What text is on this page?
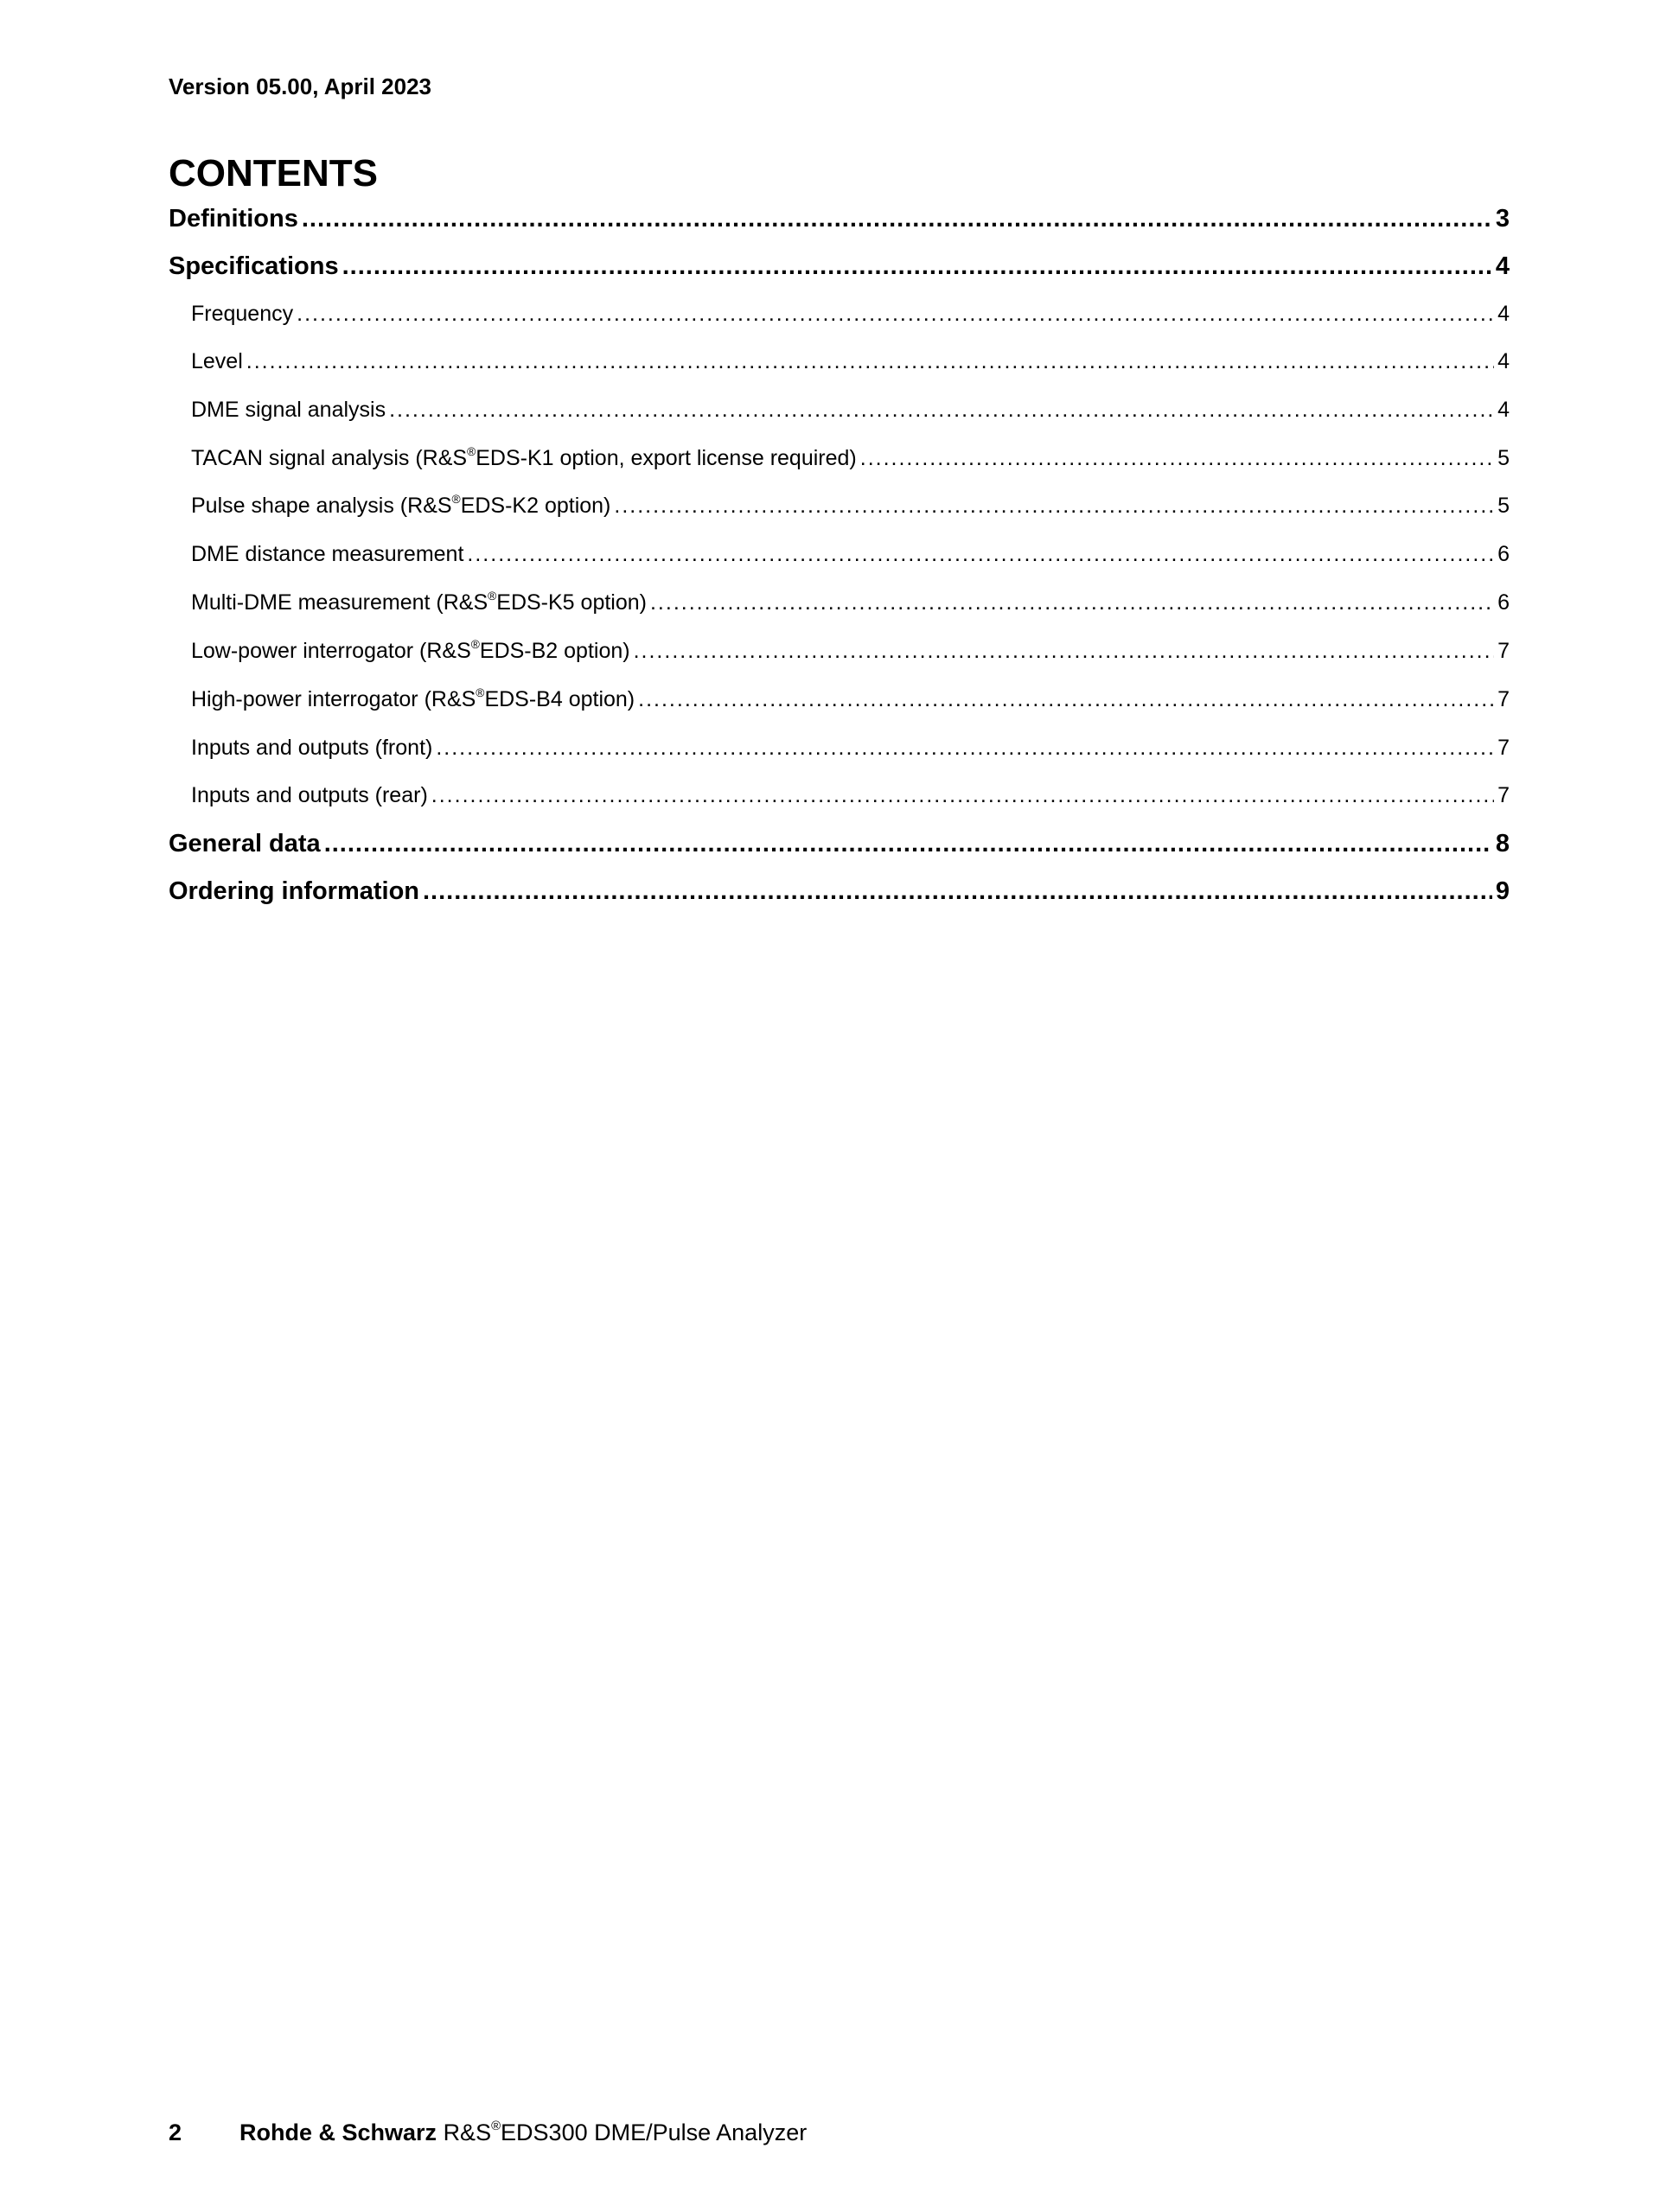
Version 05.00, April 2023
CONTENTS
Definitions .....	3
Specifications .....	4
Frequency .....	4
Level .....	4
DME signal analysis .....	4
TACAN signal analysis (R&S®EDS-K1 option, export license required) .....	5
Pulse shape analysis (R&S®EDS-K2 option) .....	5
DME distance measurement .....	6
Multi-DME measurement (R&S®EDS-K5 option) .....	6
Low-power interrogator (R&S®EDS-B2 option) .....	7
High-power interrogator (R&S®EDS-B4 option) .....	7
Inputs and outputs (front) .....	7
Inputs and outputs (rear) .....	7
General data .....	8
Ordering information .....	9
2 Rohde & Schwarz R&S®EDS300 DME/Pulse Analyzer
